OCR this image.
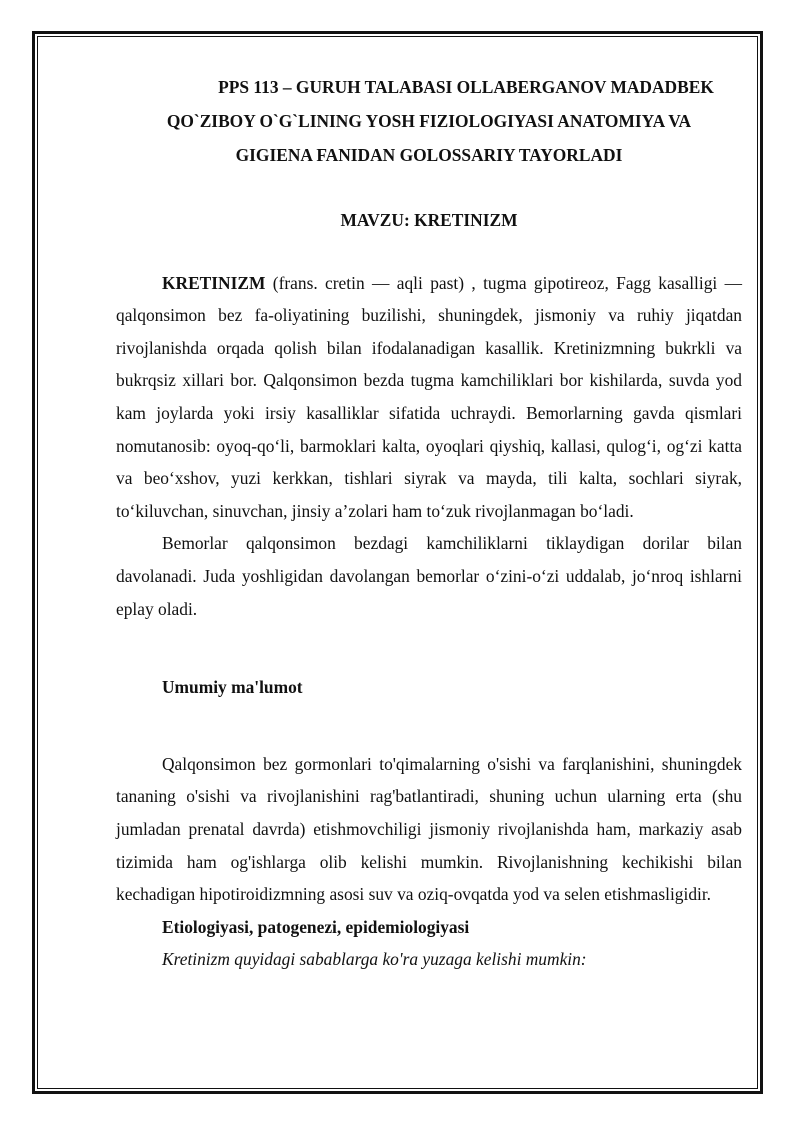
PPS 113 – GURUH TALABASI OLLABERGANOV MADADBEK
QO`ZIBOY O`G`LINING YOSH FIZIOLOGIYASI ANATOMIYA VA
GIGIENA FANIDAN GOLOSSARIY TAYORLADI
MAVZU: KRETINIZM

KRETINIZM (frans. cretin — aqli past) , tugma gipotireoz, Fagg kasalligi — qalqonsimon bez fa-oliyatining buzilishi, shuningdek, jismoniy va ruhiy jiqatdan rivojlanishda orqada qolish bilan ifodalanadigan kasallik. Kretinizmning bukrkli va bukrqsiz xillari bor. Qalqonsimon bezda tugma kamchiliklari bor kishilarda, suvda yod kam joylarda yoki irsiy kasalliklar sifatida uchraydi. Bemorlarning gavda qismlari nomutanosib: oyoq-qo‘li, barmoklari kalta, oyoqlari qiyshiq, kallasi, qulog‘i, og‘zi katta va beo‘xshov, yuzi kerkkan, tishlari siyrak va mayda, tili kalta, sochlari siyrak, to‘kiluvchan, sinuvchan, jinsiy a’zolari ham to‘zuk rivojlanmagan bo‘ladi.

Bemorlar qalqonsimon bezdagi kamchiliklarni tiklaydigan dorilar bilan davolanadi. Juda yoshligidan davolangan bemorlar o‘zini-o‘zi uddalab, jo‘nroq ishlarni eplay oladi.

Umumiy ma'lumot

Qalqonsimon bez gormonlari to'qimalarning o'sishi va farqlanishini, shuningdek tananing o'sishi va rivojlanishini rag'batlantiradi, shuning uchun ularning erta (shu jumladan prenatal davrda) etishmovchiligi jismoniy rivojlanishda ham, markaziy asab tizimida ham og'ishlarga olib kelishi mumkin. Rivojlanishning kechikishi bilan kechadigan hipotiroidizmning asosi suv va oziq-ovqatda yod va selen etishmasligidir.

Etiologiyasi, patogenezi, epidemiologiyasi
Kretinizm quyidagi sabablarga ko'ra yuzaga kelishi mumkin:
